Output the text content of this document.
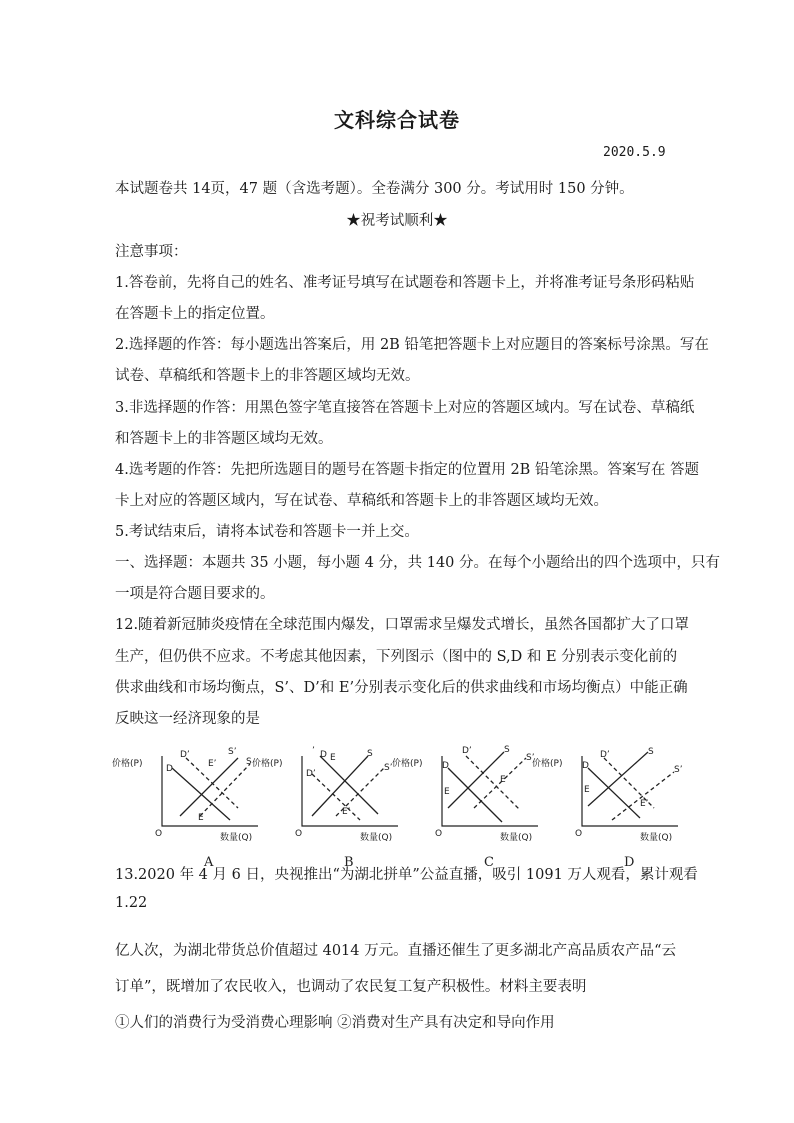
文科综合试卷
2020.5.9
本试题卷共 14页，47 题（含选考题）。全卷满分 300 分。考试用时 150 分钟。
★祝考试顺利★
注意事项：
1.答卷前，先将自己的姓名、准考证号填写在试题卷和答题卡上，并将准考证号条形码粘贴
在答题卡上的指定位置。
2.选择题的作答：每小题选出答案后，用 2B 铅笔把答题卡上对应题目的答案标号涂黑。写在
试卷、草稿纸和答题卡上的非答题区域均无效。
3.非选择题的作答：用黑色签字笔直接答在答题卡上对应的答题区域内。写在试卷、草稿纸
和答题卡上的非答题区域均无效。
4.选考题的作答：先把所选题目的题号在答题卡指定的位置用 2B 铅笔涂黑。答案写在 答题
卡上对应的答题区域内，写在试卷、草稿纸和答题卡上的非答题区域均无效。
5.考试结束后，请将本试卷和答题卡一并上交。
一、选择题：本题共 35 小题，每小题 4 分，共 140 分。在每个小题给出的四个选项中，只有
一项是符合题目要求的。
12.随着新冠肺炎疫情在全球范围内爆发，口罩需求呈爆发式增长，虽然各国都扩大了口罩
生产，但仍供不应求。不考虑其他因素，下列图示（图中的 S,D 和 E 分别表示变化前的
供求曲线和市场均衡点，S’、D’和 E’分别表示变化后的供求曲线和市场均衡点）中能正确
反映这一经济现象的是
价格(P)
O	数量(Q)
D
D’	S’
S
E’
E
A
价格(P)
O	数量(Q)
’ D E
D’
S
S’
E’
B
价格(P)
O	数量(Q)
D
D’	S
S’
E
E’
C
价格(P)
O	数量(Q)
D
D’	S
S’
E
E’
D
13.2020 年 4 月 6 日，央视推出“为湖北拼单”公益直播，吸引 1091 万人观看，累计观看
1.22
亿人次，为湖北带货总价值超过 4014 万元。直播还催生了更多湖北产高品质农产品“云
订单”，既增加了农民收入，也调动了农民复工复产积极性。材料主要表明
①人们的消费行为受消费心理影响 ②消费对生产具有决定和导向作用
